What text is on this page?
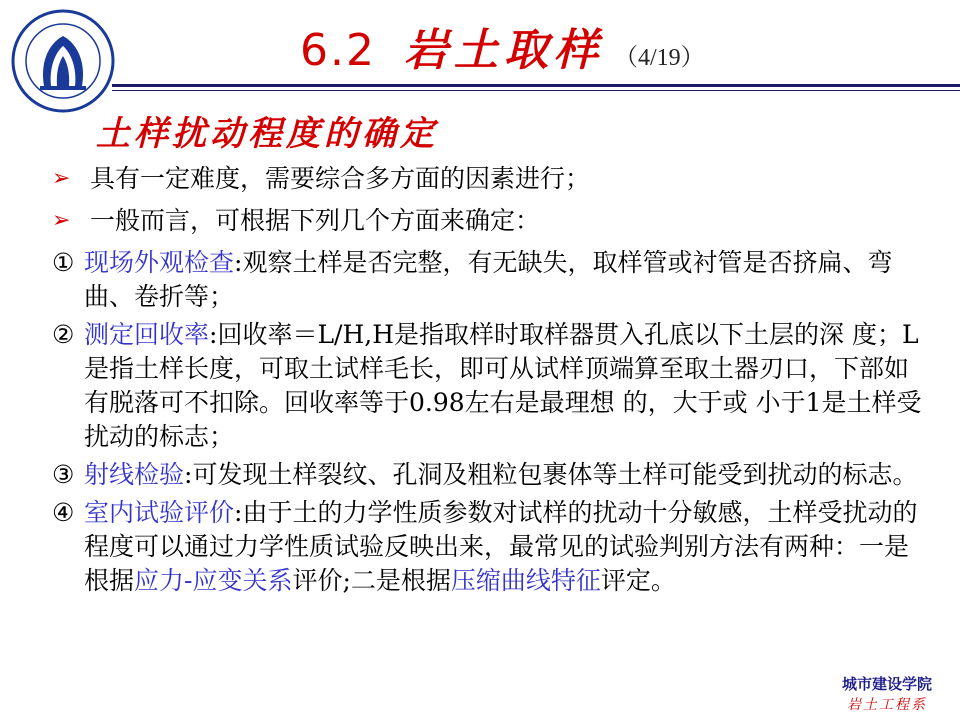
6.2 岩土取样 （4/19）
土样扰动程度的确定
➢ 具有一定难度，需要综合多方面的因素进行；
➢ 一般而言，可根据下列几个方面来确定：
① 现场外观检查:观察土样是否完整，有无缺失，取样管或衬管是否挤扁、弯曲、卷折等；
② 测定回收率:回收率＝L/H,H是指取样时取样器贯入孔底以下土层的深 度；L是指土样长度，可取土试样毛长，即可从试样顶端算至取土器刃口，下部如有脱落可不扣除。回收率等于0.98左右是最理想 的，大于或 小于1是土样受扰动的标志；
③ 射线检验:可发现土样裂纹、孔洞及粗粒包裹体等土样可能受到扰动的标志。
④ 室内试验评价:由于土的力学性质参数对试样的扰动十分敏感，土样受扰动的程度可以通过力学性质试验反映出来，最常见的试验判别方法有两种：一是根据应力-应变关系评价;二是根据压缩曲线特征评定。
城市建设学院
岩土工程系
